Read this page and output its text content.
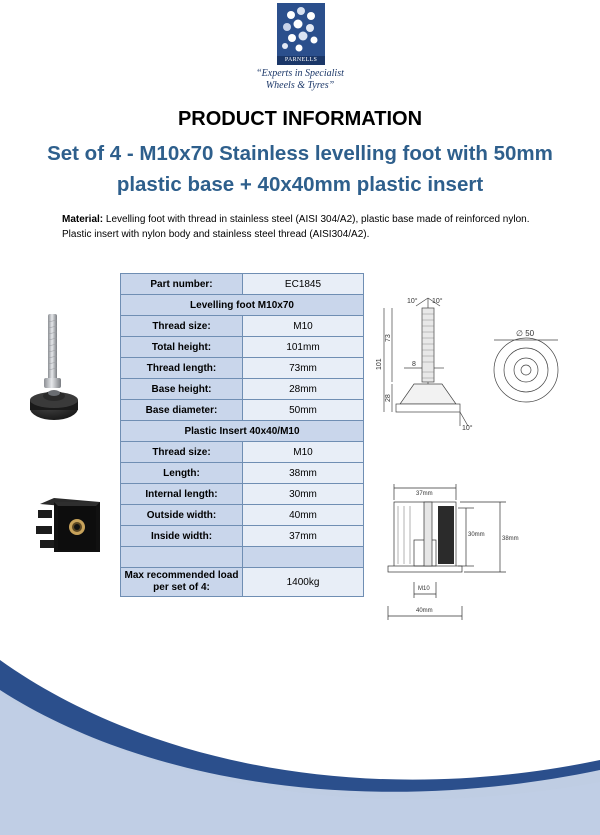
PARNELLS
“Experts in Specialist
Wheels & Tyres”
PRODUCT INFORMATION
Set of 4 - M10x70 Stainless levelling foot with 50mm
plastic base + 40x40mm plastic insert
Material: Levelling foot with thread in stainless steel (AISI 304/A2), plastic base made of reinforced nylon.
Plastic insert with nylon body and stainless steel thread (AISI304/A2).
Part number:	EC1845
Levelling foot M10x70	
Thread size:	M10
Total height:	101mm
Thread length:	73mm
Base height:	28mm
Base diameter:	50mm
Plastic Insert 40x40/M10	
Thread size:	M10
Length:	38mm
Internal length:	30mm
Outside width:	40mm
Inside width:	37mm

Max recommended load
per set of 4:	1400kg
10° 10°
101
73
28
8
10°
∅ 50
37mm
30mm
38mm
M10
40mm
